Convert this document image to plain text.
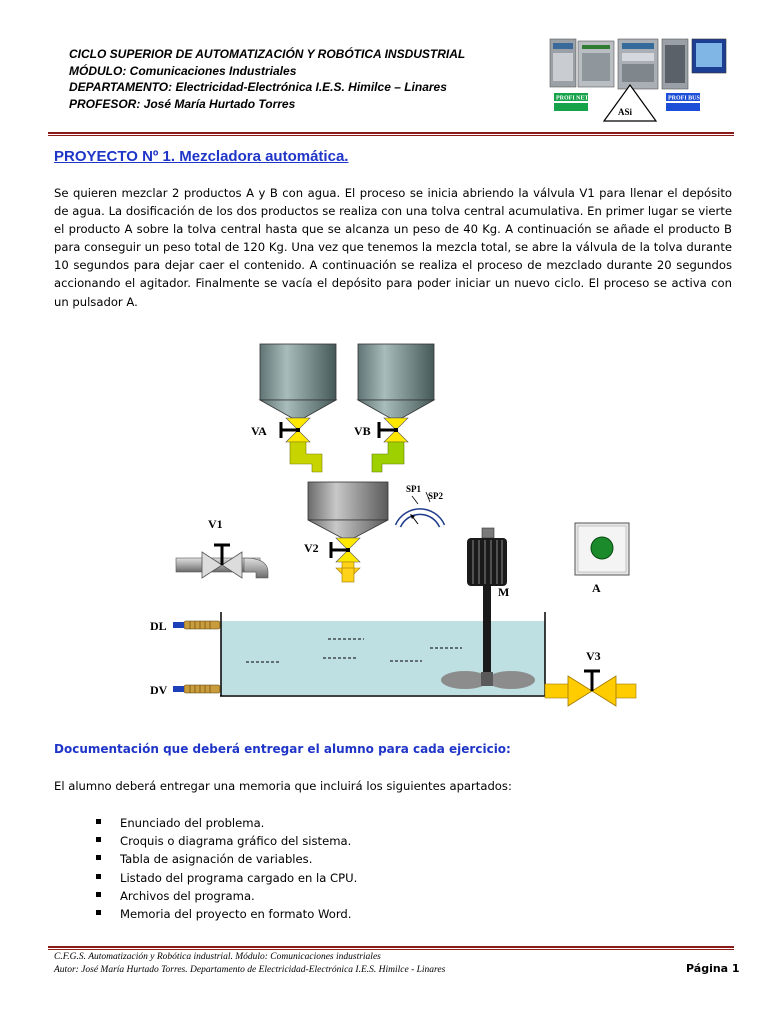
CICLO SUPERIOR DE AUTOMATIZACIÓN Y ROBÓTICA INSDUSTRIAL
MÓDULO: Comunicaciones Industriales
DEPARTAMENTO: Electricidad-Electrónica I.E.S. Himilce – Linares
PROFESOR: José María Hurtado Torres	PROFI NET
ASi
PROFI BUS
PROYECTO Nº 1. Mezcladora automática.
Se quieren mezclar 2 productos A y B con agua. El proceso se inicia abriendo la válvula V1 para llenar el depósito de agua. La dosificación de los dos productos se realiza con una tolva central acumulativa. En primer lugar se vierte el producto A sobre la tolva central hasta que se alcanza un peso de 40 Kg. A continuación se añade el producto B para conseguir un peso total de 120 Kg. Una vez que tenemos la mezcla total, se abre la válvula de la tolva durante 10 segundos para dejar caer el contenido. A continuación se realiza el proceso de mezclado durante 20 segundos accionando el agitador. Finalmente se vacía el depósito para poder iniciar un nuevo ciclo. El proceso se activa con un pulsador A.
VA	VB
V2
SP1
SP2
V1
DL
DV
M	A
V3
Documentación que deberá entregar el alumno para cada ejercicio:
El alumno deberá entregar una memoria que incluirá los siguientes apartados:
Enunciado del problema.
Croquis o diagrama gráfico del sistema.
Tabla de asignación de variables.
Listado del programa cargado en la CPU.
Archivos del programa.
Memoria del proyecto en formato Word.
C.F.G.S. Automatización y Robótica industrial. Módulo: Comunicaciones industriales
Autor: José María Hurtado Torres. Departamento de Electricidad-Electrónica I.E.S. Himilce - Linares	Página 1
